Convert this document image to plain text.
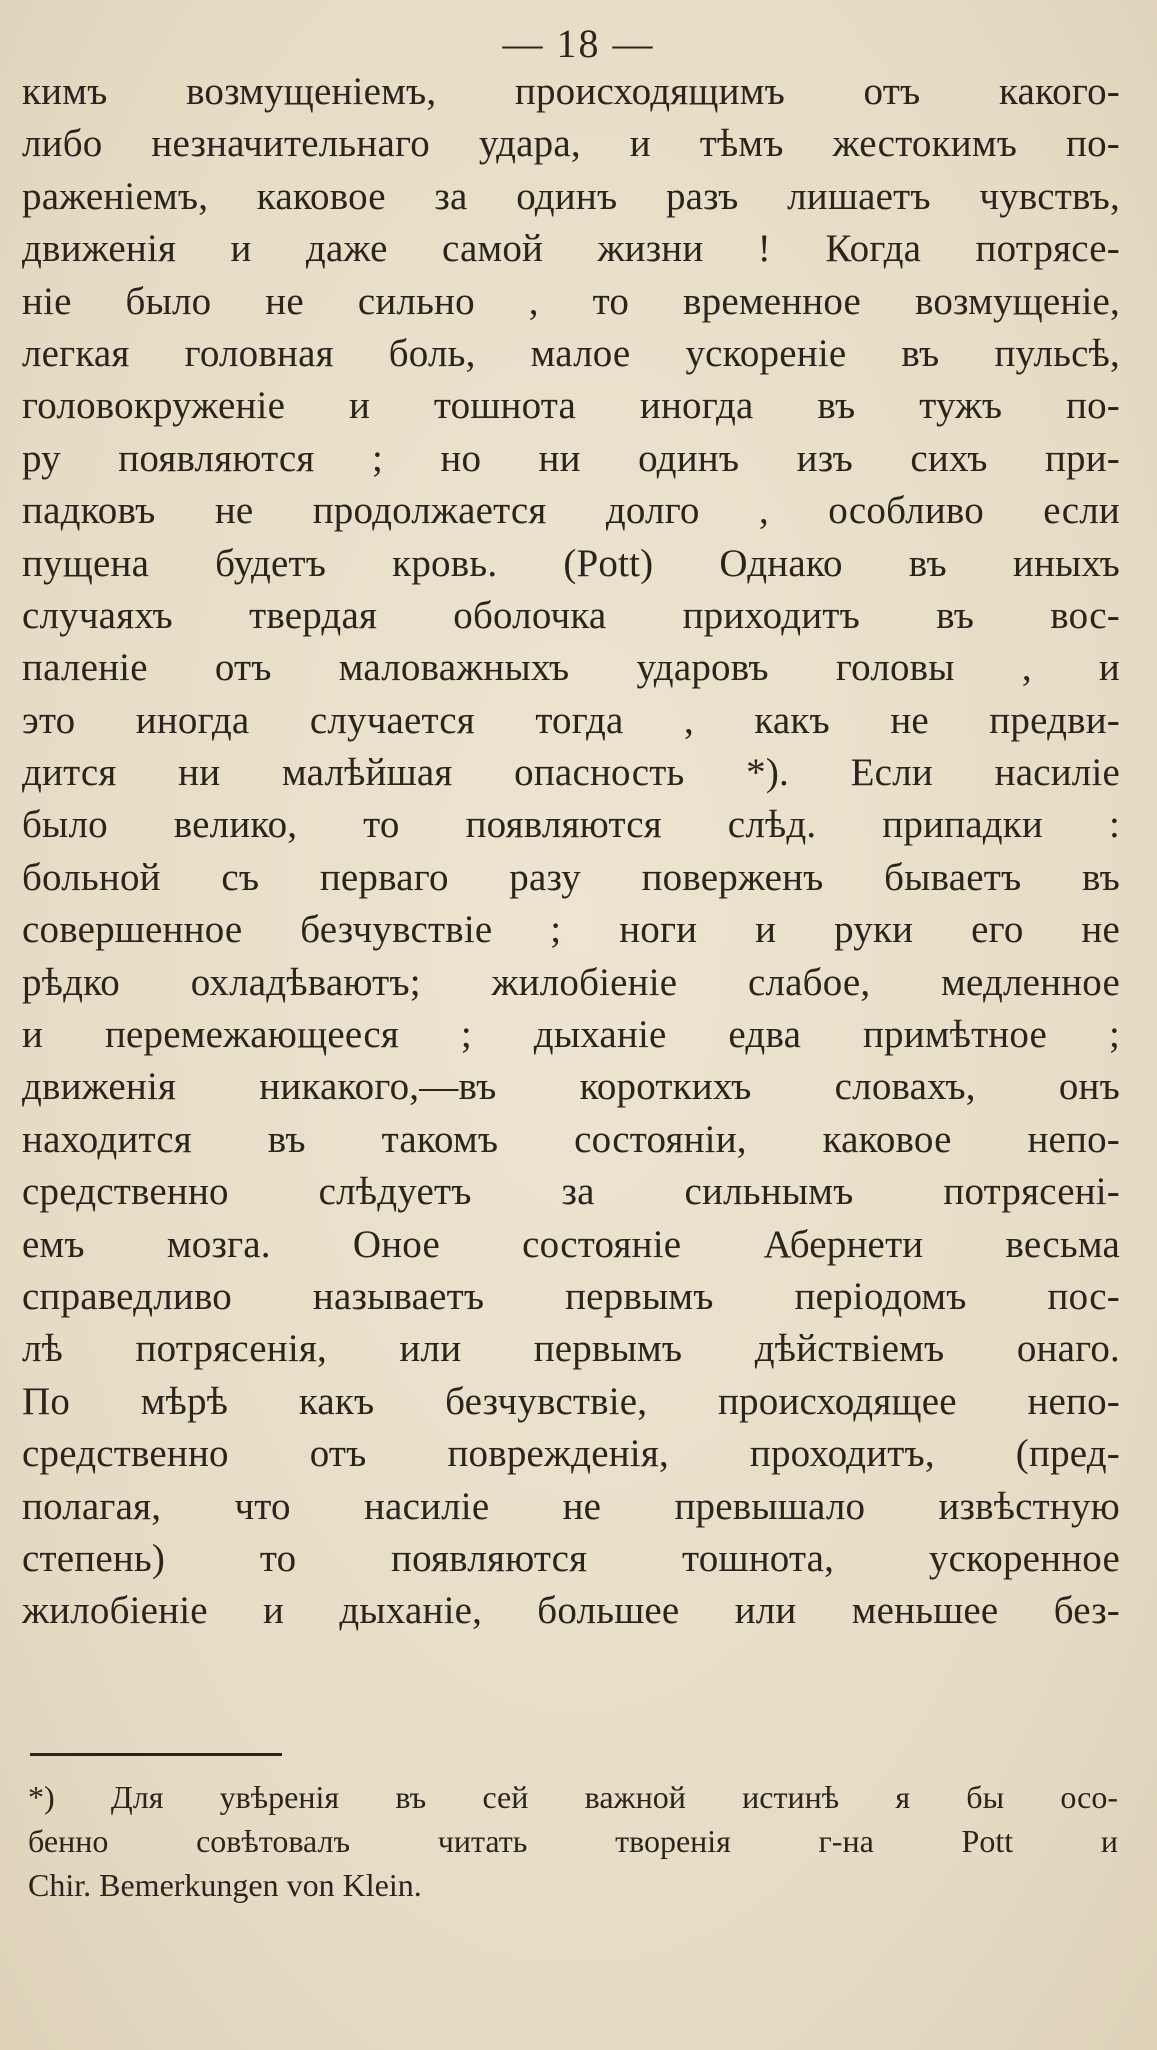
— 18 —
кимъ возмущеніемъ, происходящимъ отъ какого-
либо незначительнаго удара, и тѣмъ жестокимъ по-
раженіемъ, каковое за одинъ разъ лишаетъ чувствъ,
движенія и даже самой жизни ! Когда потрясе-
ніе было не сильно , то временное возмущеніе,
легкая головная боль, малое ускореніе въ пульсѣ,
головокруженіе и тошнота иногда въ тужъ по-
ру появляются ; но ни одинъ изъ сихъ при-
падковъ не продолжается долго , особливо если
пущена будетъ кровь. (Pott) Однако въ иныхъ
случаяхъ твердая оболочка приходитъ въ вос-
паленіе отъ маловажныхъ ударовъ головы , и
это иногда случается тогда , какъ не предви-
дится ни малѣйшая опасность *). Если насиліе
было велико, то появляются слѣд. припадки :
больной съ перваго разу поверженъ бываетъ въ
совершенное безчувствіе ; ноги и руки его не
рѣдко охладѣваютъ; жилобіеніе слабое, медленное
и перемежающееся ; дыханіе едва примѣтное ;
движенія никакого,—въ короткихъ словахъ, онъ
находится въ такомъ состояніи, каковое непо-
средственно слѣдуетъ за сильнымъ потрясені-
емъ мозга. Оное состояніе Абернети весьма
справедливо называетъ первымъ періодомъ пос-
лѣ потрясенія, или первымъ дѣйствіемъ онаго.
По мѣрѣ какъ безчувствіе, происходящее непо-
средственно отъ поврежденія, проходитъ, (пред-
полагая, что насиліе не превышало извѣстную
степень) то появляются тошнота, ускоренное
жилобіеніе и дыханіе, большее или меньшее без-
*) Для увѣренія въ сей важной истинѣ я бы осо-
бенно совѣтовалъ читать творенія г-на Pott и
Chir. Bemerkungen von Klein.
